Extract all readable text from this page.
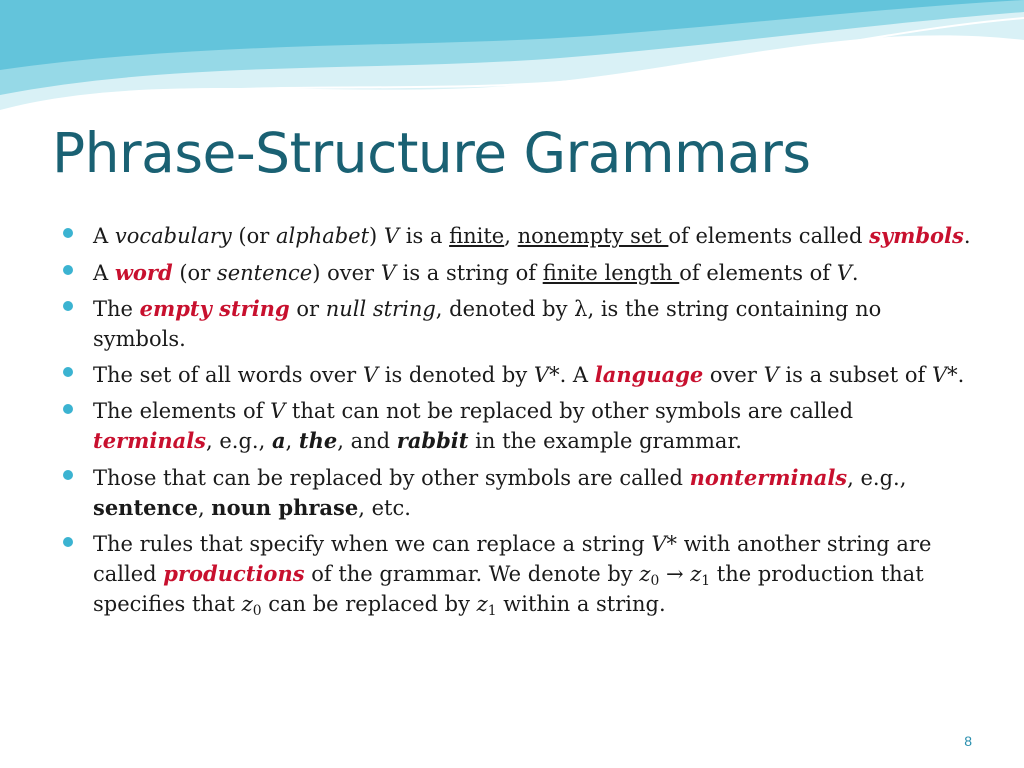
Phrase-Structure Grammars
A vocabulary (or alphabet) V is a finite, nonempty set of elements called symbols.
A word (or sentence) over V is a string of finite length of elements of V.
The empty string or null string, denoted by λ, is the string containing no symbols.
The set of all words over V is denoted by V*. A language over V is a subset of V*.
The elements of V that can not be replaced by other symbols are called terminals, e.g., a, the, and rabbit in the example grammar.
Those that can be replaced by other symbols are called nonterminals, e.g., sentence, noun phrase, etc.
The rules that specify when we can replace a string V* with another string are called productions of the grammar. We denote by $z_0 \to z_1$ the production that specifies that $z_0$ can be replaced by $z_1$ within a string.
8
